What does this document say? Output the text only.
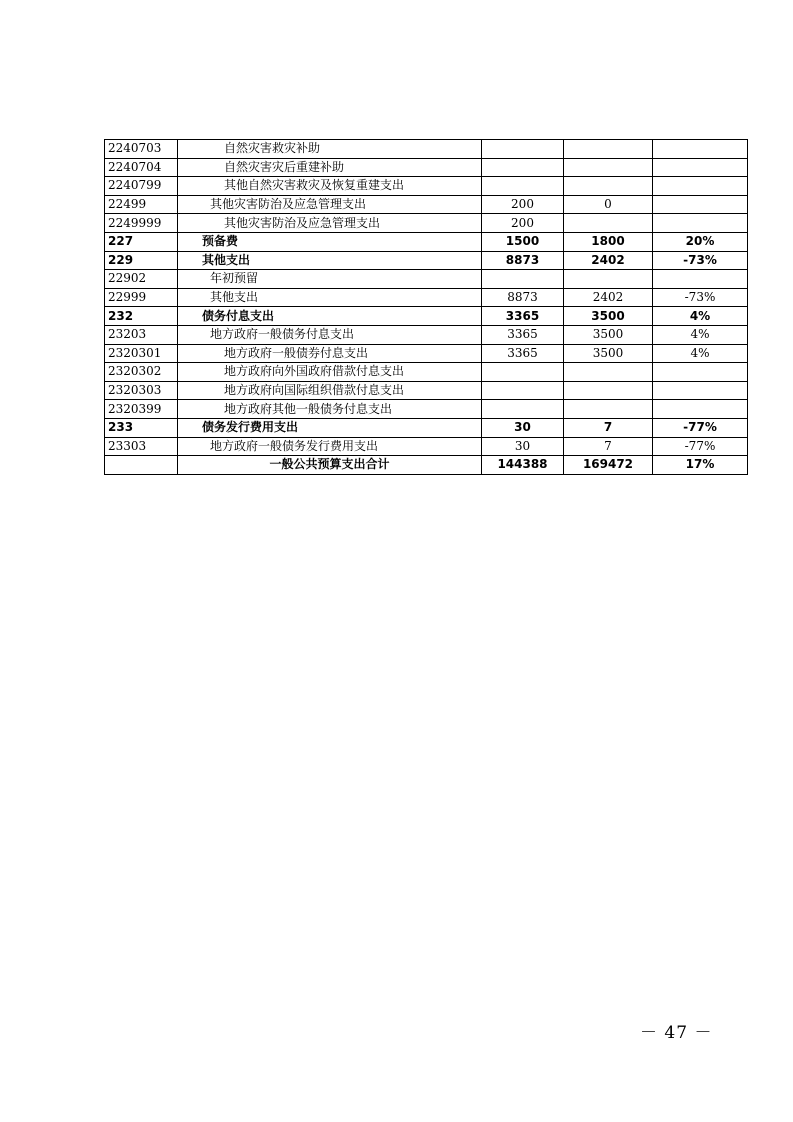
2240703	自然灾害救灾补助			
2240704	自然灾害灾后重建补助			
2240799	其他自然灾害救灾及恢复重建支出			
22499	其他灾害防治及应急管理支出	200	0	
2249999	其他灾害防治及应急管理支出	200		
227	预备费	1500	1800	20%
229	其他支出	8873	2402	-73%
22902	年初预留			
22999	其他支出	8873	2402	-73%
232	债务付息支出	3365	3500	4%
23203	地方政府一般债务付息支出	3365	3500	4%
2320301	地方政府一般债券付息支出	3365	3500	4%
2320302	地方政府向外国政府借款付息支出			
2320303	地方政府向国际组织借款付息支出			
2320399	地方政府其他一般债务付息支出			
233	债务发行费用支出	30	7	-77%
23303	地方政府一般债务发行费用支出	30	7	-77%
	一般公共预算支出合计	144388	169472	17%
－ 47 －
